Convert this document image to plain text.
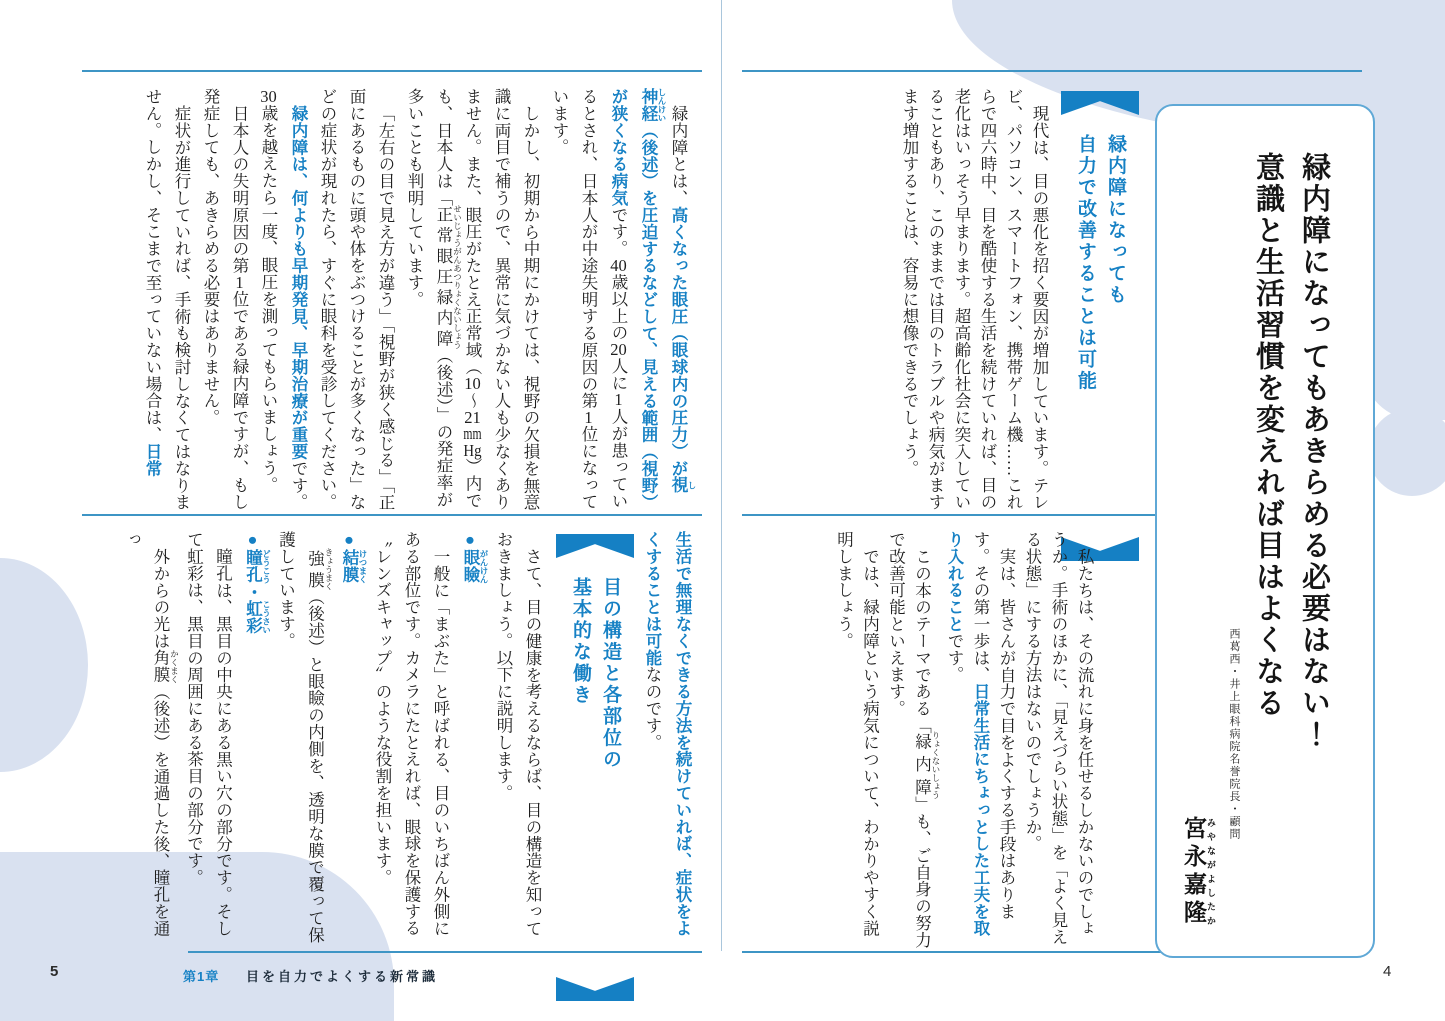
緑内障になってもあきらめる必要はない！
意識と生活習慣を変えれば目はよくなる
西葛西・井上眼科病院名誉院長・顧問
宮永嘉隆 みやながよしたか
緑内障になっても
自力で改善することは可能

現代は、目の悪化を招く要因が増加しています。テレビ、パソコン、スマートフォン、携帯ゲーム機……これらで四六時中、目を酷使する生活を続けていれば、目の老化はいっそう早まります。超高齢化社会に突入していることもあり、このままでは目のトラブルや病気がますます増加することは、容易に想像できるでしょう。

私たちは、その流れに身を任せるしかないのでしょうか。手術のほかに、「見えづらい状態」を「よく見える状態」にする方法はないのでしょうか。

実は、皆さんが自力で目をよくする手段はあります。その第一歩は、日常生活にちょっとした工夫を取り入れることです。

この本のテーマである「緑内障 りょくないしょう」も、ご自身の努力で改善可能といえます。

では、緑内障という病気について、わかりやすく説明しましょう。

4

緑内障とは、高くなった眼圧（眼球内の圧力）が視 し神経 しんけい（後述）を圧迫するなどして、見える範囲（視野）が狭くなる病気です。40歳以上の20人に1人が患っているとされ、日本人が中途失明する原因の第1位になっています。

しかし、初期から中期にかけては、視野の欠損を無意識に両目で補うので、異常に気づかない人も少なくありません。また、眼圧がたとえ正常域（10～21mmHg）内でも、日本人は「正常眼圧緑内障 せいじょうがんあつりょくないしょう（後述）」の発症率が多いことも判明しています。

「左右の目で見え方が違う」「視野が狭く感じる」「正面にあるものに頭や体をぶつけることが多くなった」などの症状が現れたら、すぐに眼科を受診してください。

緑内障は、何よりも早期発見、早期治療が重要です。30歳を越えたら一度、眼圧を測ってもらいましょう。

日本人の失明原因の第1位である緑内障ですが、もし発症しても、あきらめる必要はありません。

症状が進行していれば、手術も検討しなくてはなりません。しかし、そこまで至っていない場合は、日常

生活で無理なくできる方法を続けていれば、症状をよくすることは可能なのです。

目の構造と各部位の
基本的な働き

さて、目の健康を考えるならば、目の構造を知っておきましょう。以下に説明します。

●眼瞼 がんけん

一般に「まぶた」と呼ばれる、目のいちばん外側にある部位です。カメラにたとえれば、眼球を保護する〝レンズキャップ〟のような役割を担います。

●結膜 けつまく

強膜 きょうまく（後述）と眼瞼の内側を、透明な膜で覆って保護しています。

●瞳孔 どうこう・虹彩 こうさい

瞳孔は、黒目の中央にある黒い穴の部分です。そして虹彩は、黒目の周囲にある茶目の部分です。

外からの光は角膜 かくまく（後述）を通過した後、瞳孔を通っ

5	第1章 目を自力でよくする新常識
